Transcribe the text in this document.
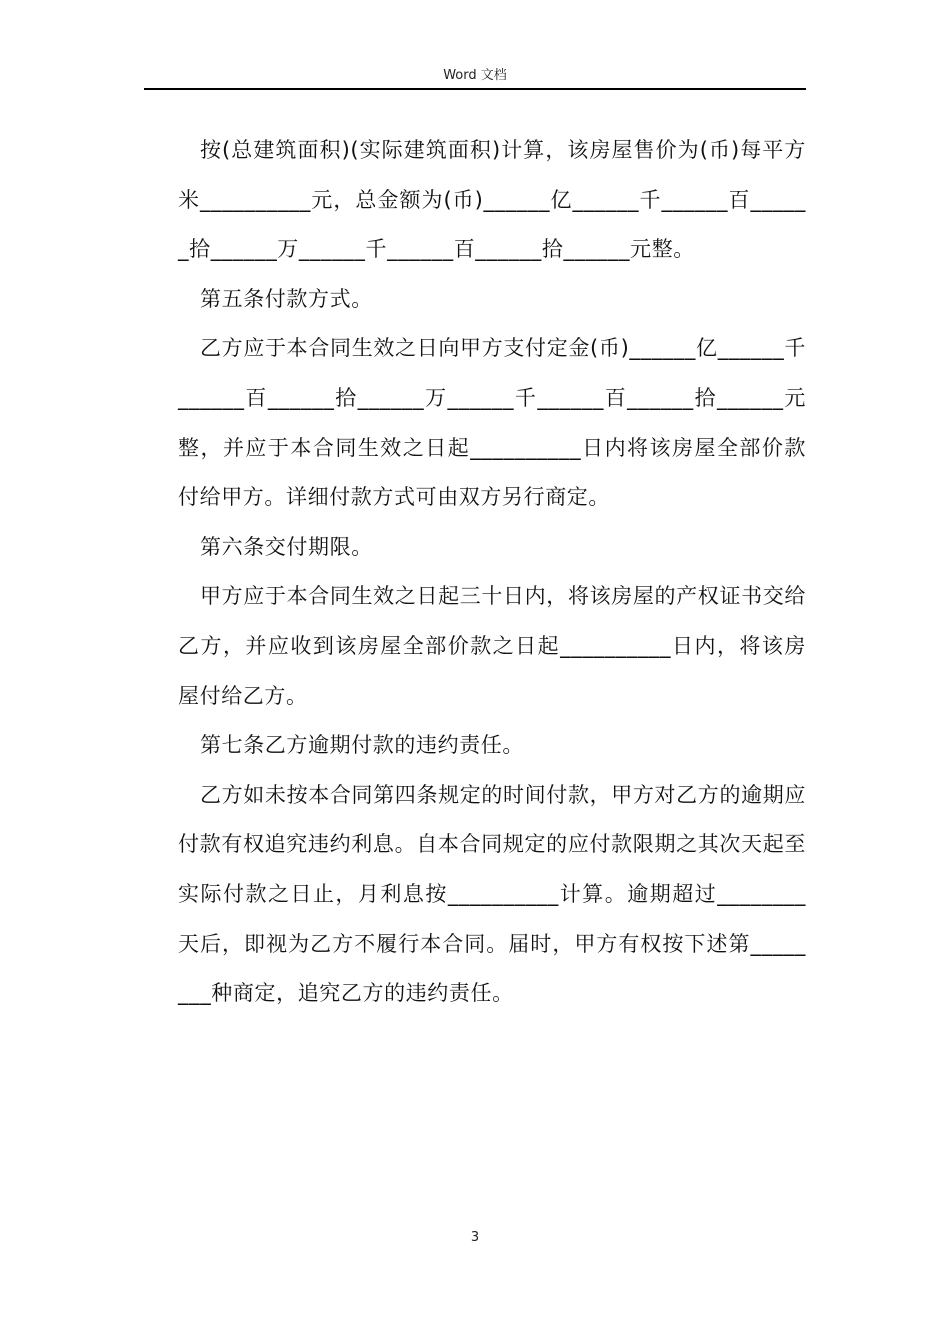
Word 文档

按(总建筑面积)(实际建筑面积)计算，该房屋售价为(币)每平方米__________元，总金额为(币)______亿______千______百______拾______万______千______百______拾______元整。

第五条付款方式。

乙方应于本合同生效之日向甲方支付定金(币)______亿______千______百______拾______万______千______百______拾______元整，并应于本合同生效之日起__________日内将该房屋全部价款付给甲方。详细付款方式可由双方另行商定。

第六条交付期限。

甲方应于本合同生效之日起三十日内，将该房屋的产权证书交给乙方，并应收到该房屋全部价款之日起__________日内，将该房屋付给乙方。

第七条乙方逾期付款的违约责任。

乙方如未按本合同第四条规定的时间付款，甲方对乙方的逾期应付款有权追究违约利息。自本合同规定的应付款限期之其次天起至实际付款之日止，月利息按__________计算。逾期超过________天后，即视为乙方不履行本合同。届时，甲方有权按下述第________种商定，追究乙方的违约责任。

3
